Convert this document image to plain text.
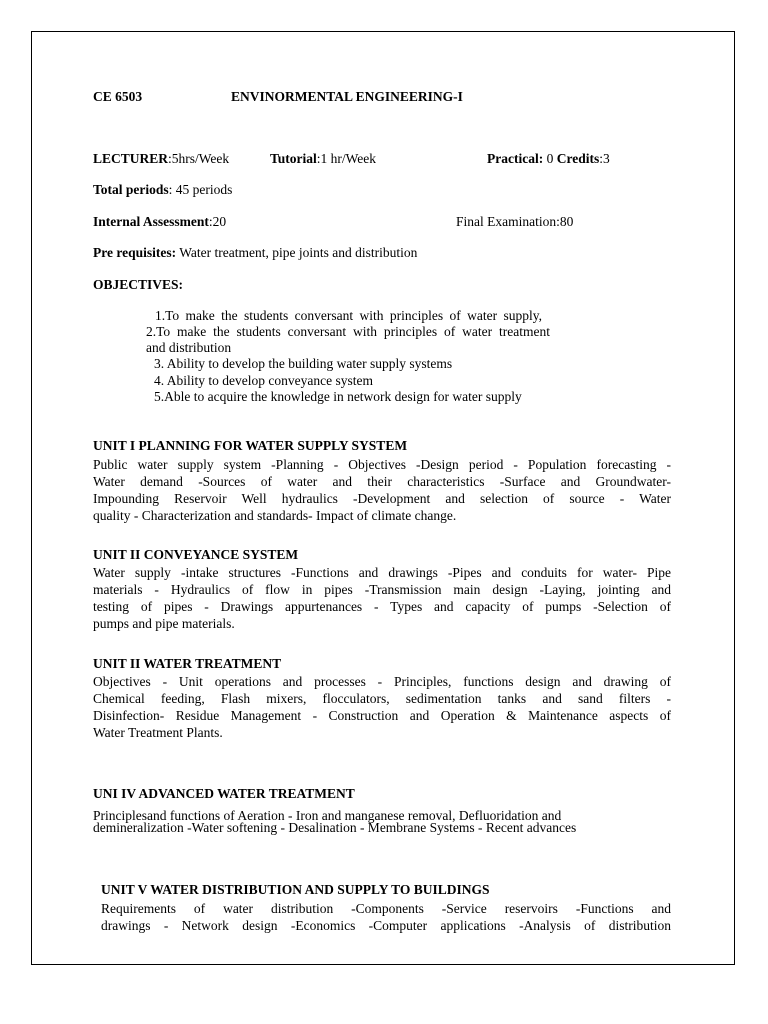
CE 6503	ENVINORMENTAL ENGINEERING-I
LECTURER:5hrs/Week	Tutorial:1 hr/Week	Practical: 0 Credits:3
Total periods: 45 periods
Internal Assessment:20	Final Examination:80
Pre requisites: Water treatment, pipe joints and distribution
OBJECTIVES:
1.To make the students conversant with principles of water supply,
2.To make the students conversant with principles of water treatment
and distribution
3. Ability to develop the building water supply systems
4. Ability to develop conveyance system
5.Able to acquire the knowledge in network design for water supply
UNIT I PLANNING FOR WATER SUPPLY SYSTEM
Public water supply system -Planning - Objectives -Design period - Population forecasting -
Water demand -Sources of water and their characteristics -Surface and Groundwater-
Impounding Reservoir Well hydraulics -Development and selection of source - Water
quality - Characterization and standards- Impact of climate change.
UNIT II CONVEYANCE SYSTEM
Water supply -intake structures -Functions and drawings -Pipes and conduits for water- Pipe
materials - Hydraulics of flow in pipes -Transmission main design -Laying, jointing and
testing of pipes - Drawings appurtenances - Types and capacity of pumps -Selection of
pumps and pipe materials.
UNIT II WATER TREATMENT
Objectives - Unit operations and processes - Principles, functions design and drawing of
Chemical feeding, Flash mixers, flocculators, sedimentation tanks and sand filters -
Disinfection- Residue Management - Construction and Operation & Maintenance aspects of
Water Treatment Plants.
UNI IV ADVANCED WATER TREATMENT
Principlesand functions of Aeration - Iron and manganese removal, Defluoridation and
demineralization -Water softening - Desalination - Membrane Systems - Recent advances
UNIT V WATER DISTRIBUTION AND SUPPLY TO BUILDINGS
Requirements of water distribution -Components -Service reservoirs -Functions and
drawings - Network design -Economics -Computer applications -Analysis of distribution
